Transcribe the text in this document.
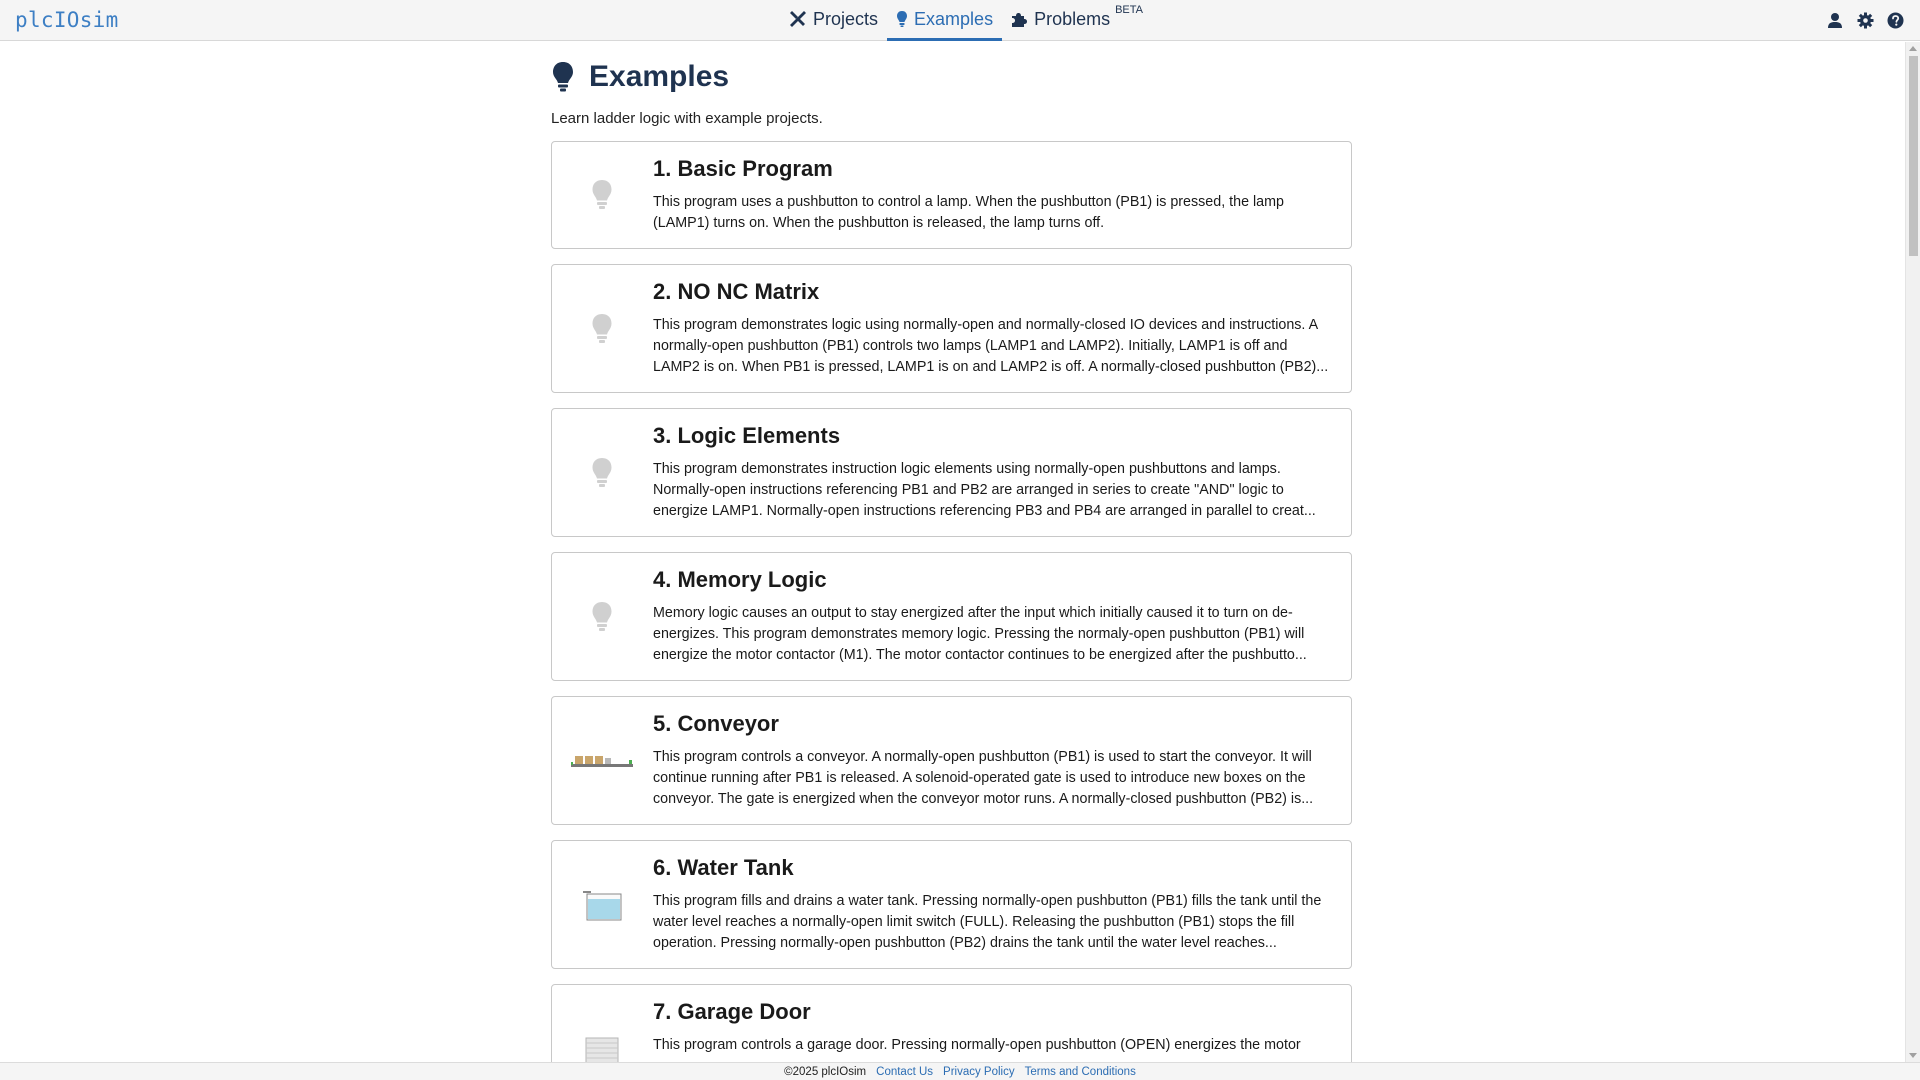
plcIOsim	Projects Examples Problems BETA
Examples

Learn ladder logic with example projects.

1. Basic Program
This program uses a pushbutton to control a lamp. When the pushbutton (PB1) is pressed, the lamp (LAMP1) turns on. When the pushbutton is released, the lamp turns off.
2. NO NC Matrix
This program demonstrates logic using normally-open and normally-closed IO devices and instructions. A normally-open pushbutton (PB1) controls two lamps (LAMP1 and LAMP2). Initially, LAMP1 is off and LAMP2 is on. When PB1 is pressed, LAMP1 is on and LAMP2 is off. A normally-closed pushbutton (PB2)...
3. Logic Elements
This program demonstrates instruction logic elements using normally-open pushbuttons and lamps. Normally-open instructions referencing PB1 and PB2 are arranged in series to create "AND" logic to energize LAMP1. Normally-open instructions referencing PB3 and PB4 are arranged in parallel to creat...
4. Memory Logic
Memory logic causes an output to stay energized after the input which initially caused it to turn on de-energizes. This program demonstrates memory logic. Pressing the normaly-open pushbutton (PB1) will energize the motor contactor (M1). The motor contactor continues to be energized after the pushbutto...
5. Conveyor
This program controls a conveyor. A normally-open pushbutton (PB1) is used to start the conveyor. It will continue running after PB1 is released. A solenoid-operated gate is used to introduce new boxes on the conveyor. The gate is energized when the conveyor motor runs. A normally-closed pushbutton (PB2) is...
6. Water Tank
This program fills and drains a water tank. Pressing normally-open pushbutton (PB1) fills the tank until the water level reaches a normally-open limit switch (FULL). Releasing the pushbutton (PB1) stops the fill operation. Pressing normally-open pushbutton (PB2) drains the tank until the water level reaches...
7. Garage Door
This program controls a garage door. Pressing normally-open pushbutton (OPEN) energizes the motor
©2025 plcIOsim Contact Us Privacy Policy Terms and Conditions
